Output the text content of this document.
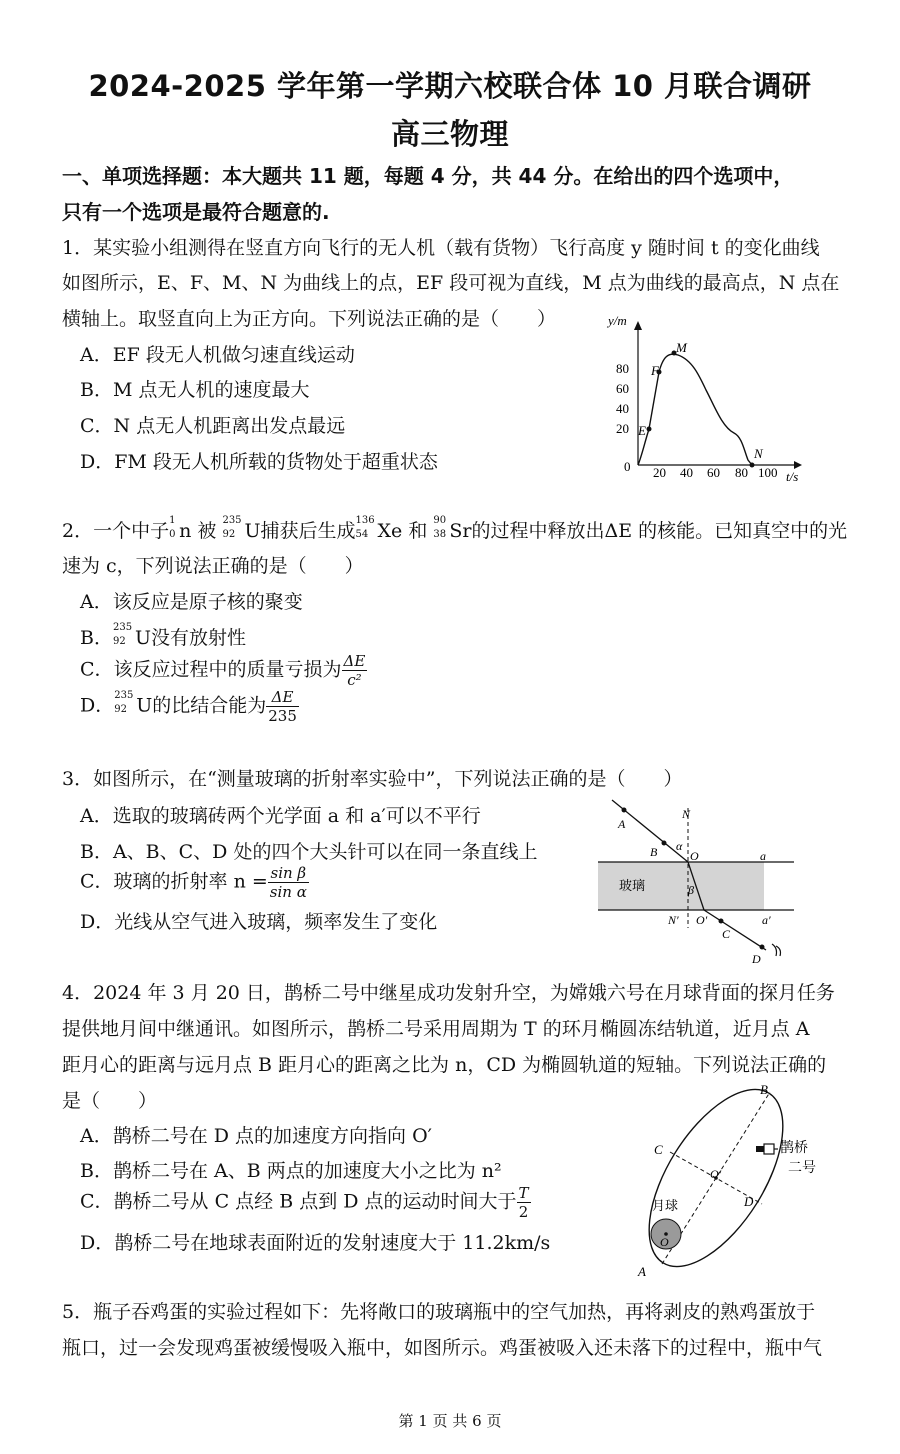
2024-2025 学年第一学期六校联合体 10 月联合调研
高三物理
一、单项选择题：本大题共 11 题，每题 4 分，共 44 分。在给出的四个选项中，
只有一个选项是最符合题意的.
1．某实验小组测得在竖直方向飞行的无人机（载有货物）飞行高度 y 随时间 t 的变化曲线
如图所示，E、F、M、N 为曲线上的点，EF 段可视为直线，M 点为曲线的最高点，N 点在
横轴上。取竖直向上为正方向。下列说法正确的是（　　）
A．EF 段无人机做匀速直线运动
B．M 点无人机的速度最大
C．N 点无人机距离出发点最远
D．FM 段无人机所载的货物处于超重状态
y/m
t/s
80
60
40
20
0 20 40 60 80 100
E
F
M
N
2．一个中子 1
0 n 被 235
92 U捕获后生成 136
54 Xe 和 90
38 Sr的过程中释放出ΔE 的核能。已知真空中的光
速为 c，下列说法正确的是（　　）
A．该反应是原子核的聚变
B． 235
92 U没有放射性
C．该反应过程中的质量亏损为 $\frac{\Delta E}{\text{c²}}$
D． 235
92 U的比结合能为 $\frac{\Delta E}{235}$
3．如图所示，在“测量玻璃的折射率实验中”，下列说法正确的是（　　）
A．选取的玻璃砖两个光学面 a 和 a′可以不平行
B．A、B、C、D 处的四个大头针可以在同一条直线上
C．玻璃的折射率 $n = \frac{\text{sin β}}{\text{sin α}}$
D．光线从空气进入玻璃，频率发生了变化
玻璃
A
B
C
D
N
N′
O
O′
a
a′
α
β
4．2024 年 3 月 20 日，鹊桥二号中继星成功发射升空，为嫦娥六号在月球背面的探月任务
提供地月间中继通讯。如图所示，鹊桥二号采用周期为 T 的环月椭圆冻结轨道，近月点 A
距月心的距离与远月点 B 距月心的距离之比为 n，CD 为椭圆轨道的短轴。下列说法正确的
是（　　）
A．鹊桥二号在 D 点的加速度方向指向 O′
B．鹊桥二号在 A、B 两点的加速度大小之比为 n²
C．鹊桥二号从 C 点经 B 点到 D 点的运动时间大于 $\frac{T}{2}$
D．鹊桥二号在地球表面附近的发射速度大于 11.2km/s
月球
鹊桥
二号
A
B
C
D
O
O′
5．瓶子吞鸡蛋的实验过程如下：先将敞口的玻璃瓶中的空气加热，再将剥皮的熟鸡蛋放于
瓶口，过一会发现鸡蛋被缓慢吸入瓶中，如图所示。鸡蛋被吸入还未落下的过程中，瓶中气
第 1 页 共 6 页
